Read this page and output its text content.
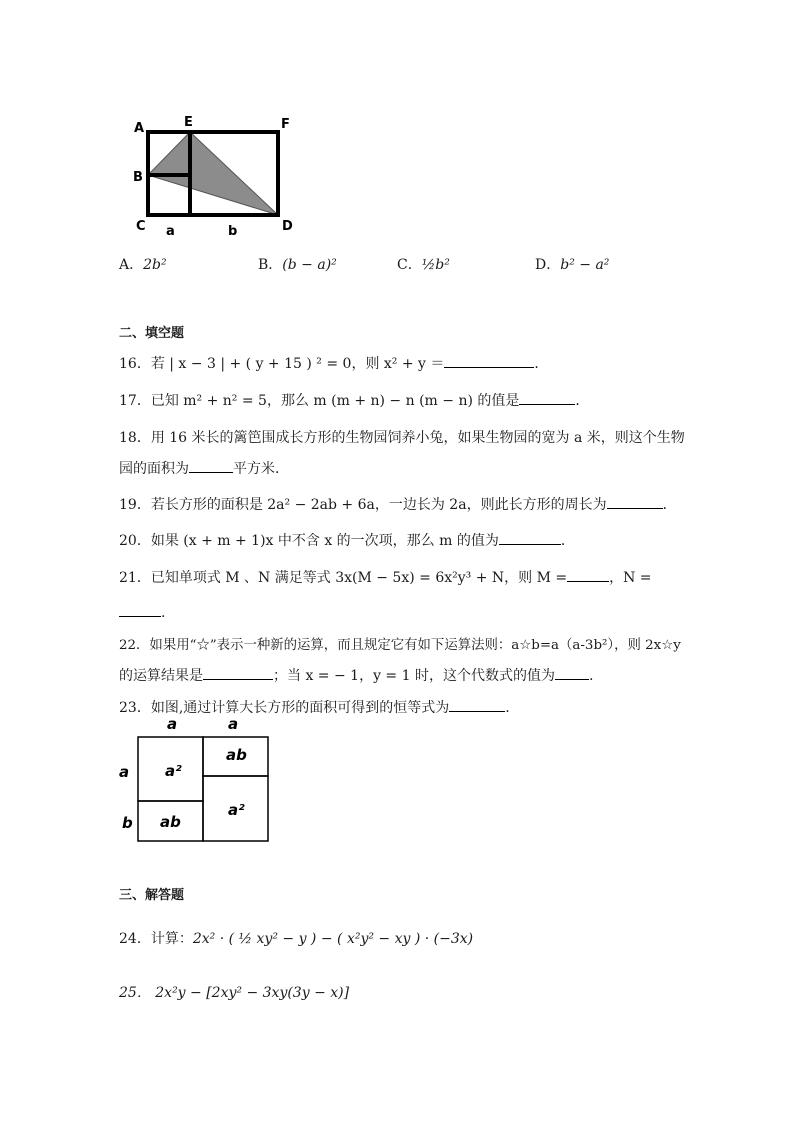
A	E	F
B
C	D
a	b
A．2b²	B．(b − a)²	C．½b²	D．b² − a²
二、填空题
16．若 | x − 3 | + ( y + 15 ) ² = 0，则 x² + y ＝	．
17．已知 m² + n² = 5，那么 m (m + n) − n (m − n) 的值是	．
18．用 16 米长的篱笆围成长方形的生物园饲养小兔，如果生物园的宽为 a 米，则这个生物
园的面积为	平方米．
19．若长方形的面积是 2a² − 2ab + 6a，一边长为 2a，则此长方形的周长为	．
20．如果 (x + m + 1)x 中不含 x 的一次项，那么 m 的值为	．
21．已知单项式 M 、N 满足等式 3x(M − 5x) = 6x²y³ + N，则 M =	，N =
.
22．如果用“☆”表示一种新的运算，而且规定它有如下运算法则：a☆b=a（a-3b²），则 2x☆y
的运算结果是	；当 x = − 1，y = 1 时，这个代数式的值为 .
23．如图,通过计算大长方形的面积可得到的恒等式为	.
a	a
a
b
a²
ab
ab
a²
三、解答题
24．计算：2x² · ( ½ xy² − y ) − ( x²y² − xy ) · (−3x)
25． 2x²y − [2xy² − 3xy(3y − x)]
